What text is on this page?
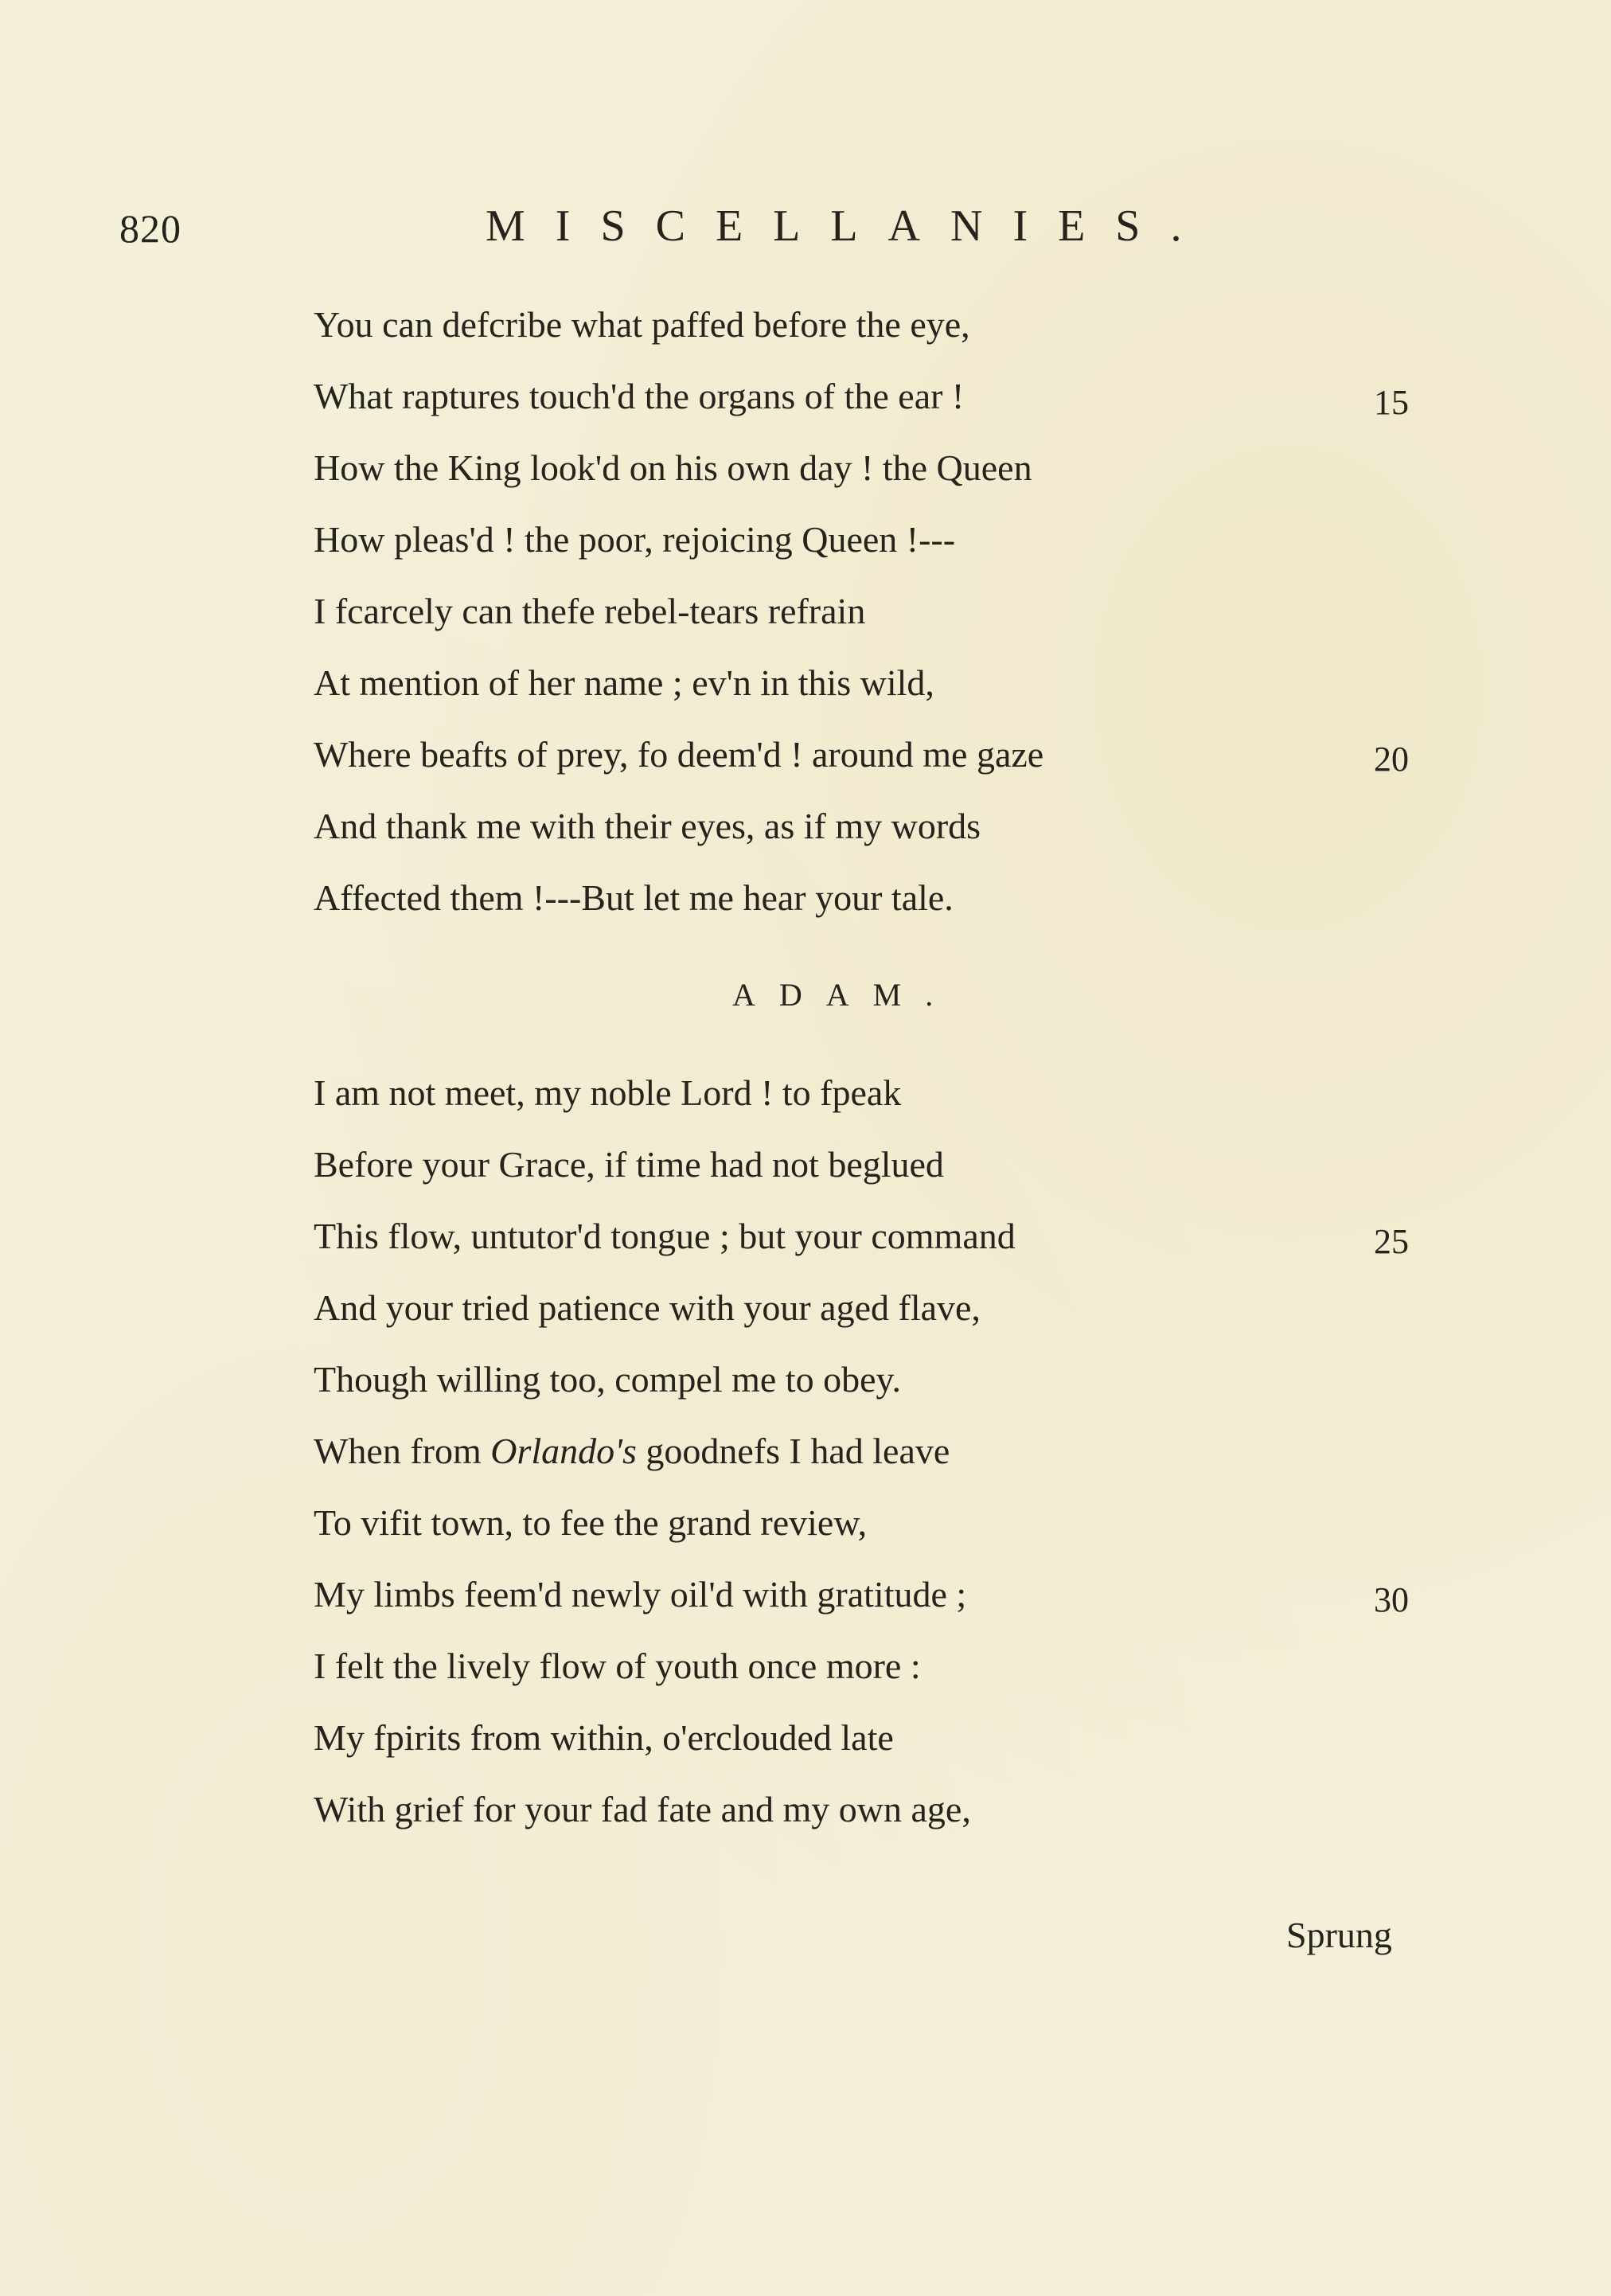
820	MISCELLANIES.
You can defcribe what paffed before the eye,
What raptures touch'd the organs of the ear !	15
How the King look'd on his own day ! the Queen
How pleas'd ! the poor, rejoicing Queen !---
I fcarcely can thefe rebel-tears refrain
At mention of her name ; ev'n in this wild,
Where beafts of prey, fo deem'd ! around me gaze	20
And thank me with their eyes, as if my words
Affected them !---But let me hear your tale.
ADAM.
I am not meet, my noble Lord ! to fpeak
Before your Grace, if time had not beglued
This flow, untutor'd tongue ; but your command	25
And your tried patience with your aged flave,
Though willing too, compel me to obey.
When from Orlando's goodnefs I had leave
To vifit town, to fee the grand review,
My limbs feem'd newly oil'd with gratitude ;	30
I felt the lively flow of youth once more :
My fpirits from within, o'erclouded late
With grief for your fad fate and my own age,
Sprung
